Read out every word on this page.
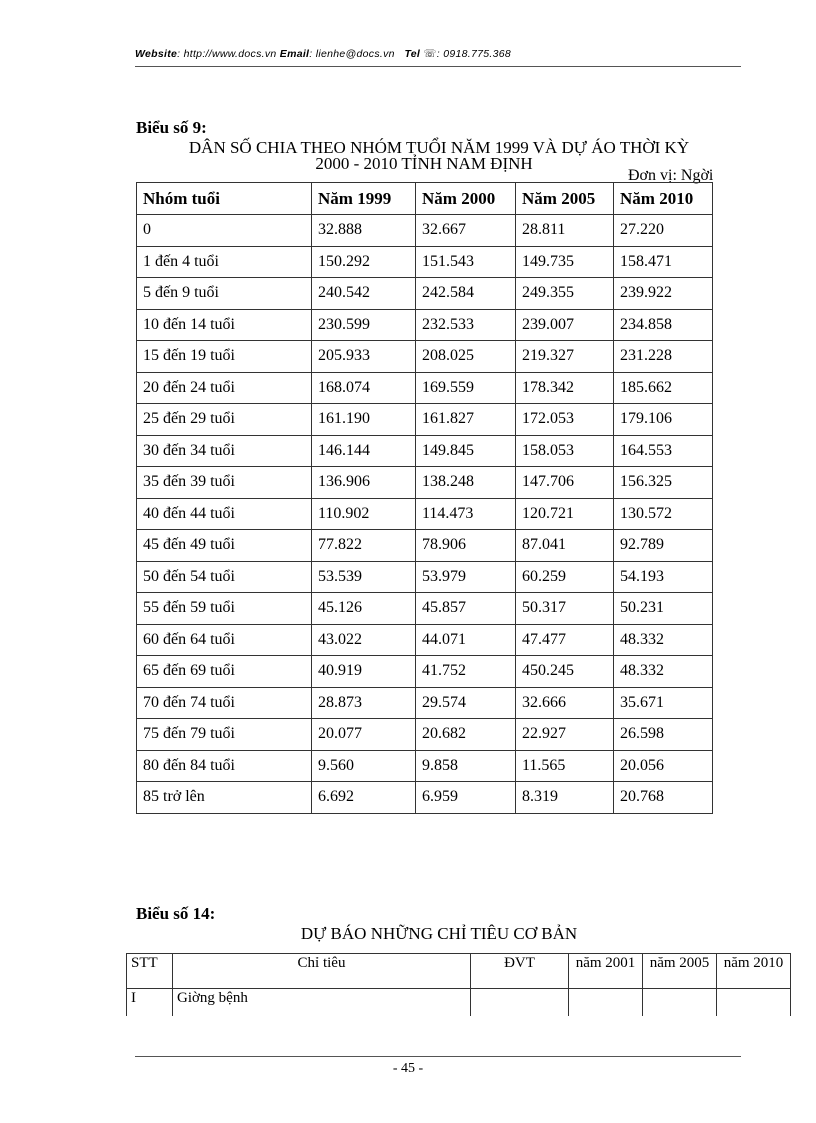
Website: http://www.docs.vn Email: lienhe@docs.vn Tel ☏: 0918.775.368
Biểu số 9:
DÂN SỐ CHIA THEO NHÓM TUỔI NĂM 1999 VÀ DỰ ÁO THỜI KỲ
2000 - 2010 TỈNH NAM ĐỊNH
Đơn vị: Ngời
Nhóm tuổi	Năm 1999	Năm 2000	Năm 2005	Năm 2010
0	32.888	32.667	28.811	27.220
1 đến 4 tuổi	150.292	151.543	149.735	158.471
5 đến 9 tuổi	240.542	242.584	249.355	239.922
10 đến 14 tuổi	230.599	232.533	239.007	234.858
15 đến 19 tuổi	205.933	208.025	219.327	231.228
20 đến 24 tuổi	168.074	169.559	178.342	185.662
25 đến 29 tuổi	161.190	161.827	172.053	179.106
30 đến 34 tuổi	146.144	149.845	158.053	164.553
35 đến 39 tuổi	136.906	138.248	147.706	156.325
40 đến 44 tuổi	110.902	114.473	120.721	130.572
45 đến 49 tuổi	77.822	78.906	87.041	92.789
50 đến 54 tuổi	53.539	53.979	60.259	54.193
55 đến 59 tuổi	45.126	45.857	50.317	50.231
60 đến 64 tuổi	43.022	44.071	47.477	48.332
65 đến 69 tuổi	40.919	41.752	450.245	48.332
70 đến 74 tuổi	28.873	29.574	32.666	35.671
75 đến 79 tuổi	20.077	20.682	22.927	26.598
80 đến 84 tuổi	9.560	9.858	11.565	20.056
85 trở lên	6.692	6.959	8.319	20.768
Biểu số 14:
DỰ BÁO NHỮNG CHỈ TIÊU CƠ BẢN
STT	Chỉ tiêu	ĐVT	năm 2001	năm 2005	năm 2010
I	Giờng bệnh				
- 45 -
